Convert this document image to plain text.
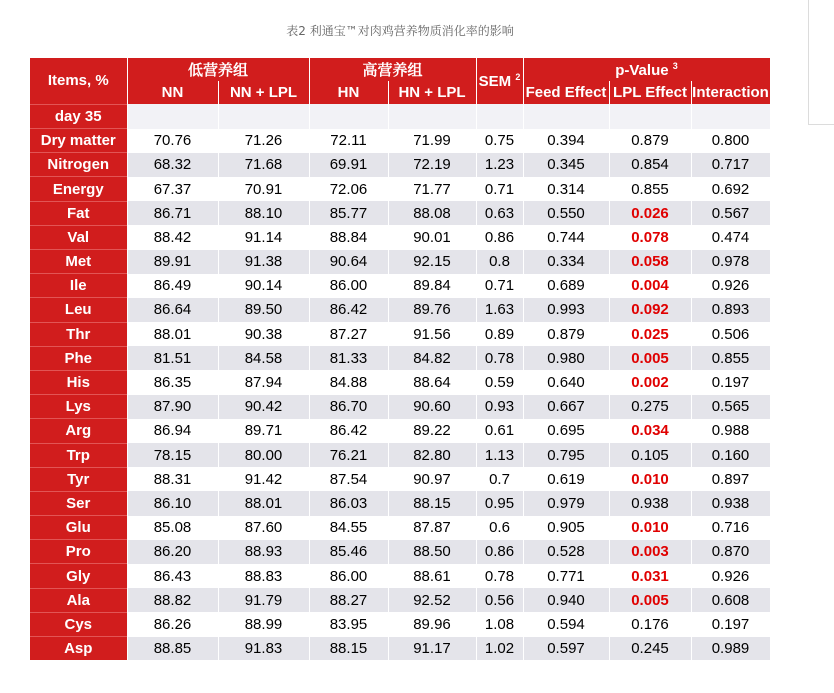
表2 利通宝™对肉鸡营养物质消化率的影响
Items, %	低营养组		高营养组		SEM $^2$	p-Value $^3$
	NN	NN + LPL	HN	HN + LPL		Feed Effect	LPL Effect	Interaction
day 35								
Dry matter	70.76	71.26	72.11	71.99	0.75	0.394	0.879	0.800
Nitrogen	68.32	71.68	69.91	72.19	1.23	0.345	0.854	0.717
Energy	67.37	70.91	72.06	71.77	0.71	0.314	0.855	0.692
Fat	86.71	88.10	85.77	88.08	0.63	0.550	0.026	0.567
Val	88.42	91.14	88.84	90.01	0.86	0.744	0.078	0.474
Met	89.91	91.38	90.64	92.15	0.8	0.334	0.058	0.978
Ile	86.49	90.14	86.00	89.84	0.71	0.689	0.004	0.926
Leu	86.64	89.50	86.42	89.76	1.63	0.993	0.092	0.893
Thr	88.01	90.38	87.27	91.56	0.89	0.879	0.025	0.506
Phe	81.51	84.58	81.33	84.82	0.78	0.980	0.005	0.855
His	86.35	87.94	84.88	88.64	0.59	0.640	0.002	0.197
Lys	87.90	90.42	86.70	90.60	0.93	0.667	0.275	0.565
Arg	86.94	89.71	86.42	89.22	0.61	0.695	0.034	0.988
Trp	78.15	80.00	76.21	82.80	1.13	0.795	0.105	0.160
Tyr	88.31	91.42	87.54	90.97	0.7	0.619	0.010	0.897
Ser	86.10	88.01	86.03	88.15	0.95	0.979	0.938	0.938
Glu	85.08	87.60	84.55	87.87	0.6	0.905	0.010	0.716
Pro	86.20	88.93	85.46	88.50	0.86	0.528	0.003	0.870
Gly	86.43	88.83	86.00	88.61	0.78	0.771	0.031	0.926
Ala	88.82	91.79	88.27	92.52	0.56	0.940	0.005	0.608
Cys	86.26	88.99	83.95	89.96	1.08	0.594	0.176	0.197
Asp	88.85	91.83	88.15	91.17	1.02	0.597	0.245	0.989
